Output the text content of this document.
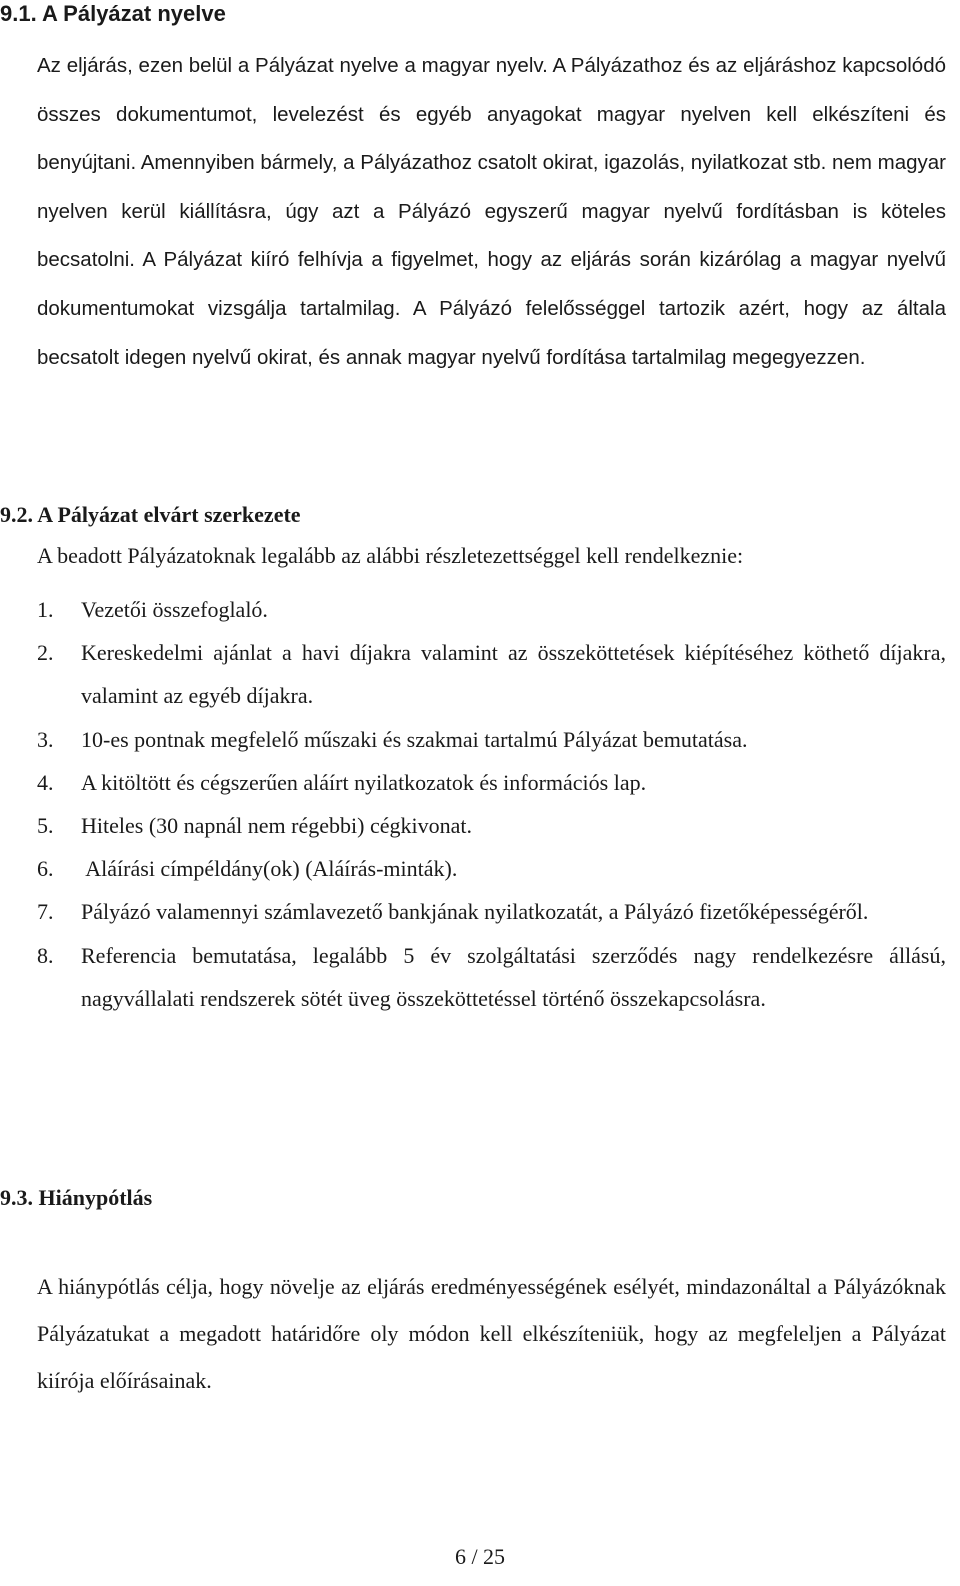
9.1. A Pályázat nyelve

Az eljárás, ezen belül a Pályázat nyelve a magyar nyelv. A Pályázathoz és az eljáráshoz kapcsolódó összes dokumentumot, levelezést és egyéb anyagokat magyar nyelven kell elkészíteni és benyújtani. Amennyiben bármely, a Pályázathoz csatolt okirat, igazolás, nyilatkozat stb. nem magyar nyelven kerül kiállításra, úgy azt a Pályázó egyszerű magyar nyelvű fordításban is köteles becsatolni. A Pályázat kiíró felhívja a figyelmet, hogy az eljárás során kizárólag a magyar nyelvű dokumentumokat vizsgálja tartalmilag. A Pályázó felelősséggel tartozik azért, hogy az általa becsatolt idegen nyelvű okirat, és annak magyar nyelvű fordítása tartalmilag megegyezzen.

9.2. A Pályázat elvárt szerkezete

A beadott Pályázatoknak legalább az alábbi részletezettséggel kell rendelkeznie:

1. Vezetői összefoglaló.
2. Kereskedelmi ajánlat a havi díjakra valamint az összeköttetések kiépítéséhez köthető díjakra, valamint az egyéb díjakra.
3. 10-es pontnak megfelelő műszaki és szakmai tartalmú Pályázat bemutatása.
4. A kitöltött és cégszerűen aláírt nyilatkozatok és információs lap.
5. Hiteles (30 napnál nem régebbi) cégkivonat.
6. Aláírási címpéldány(ok) (Aláírás-minták).
7. Pályázó valamennyi számlavezető bankjának nyilatkozatát, a Pályázó fizetőképességéről.
8. Referencia bemutatása, legalább 5 év szolgáltatási szerződés nagy rendelkezésre állású, nagyvállalati rendszerek sötét üveg összeköttetéssel történő összekapcsolásra.
9.3. Hiánypótlás

A hiánypótlás célja, hogy növelje az eljárás eredményességének esélyét, mindazonáltal a Pályázóknak Pályázatukat a megadott határidőre oly módon kell elkészíteniük, hogy az megfeleljen a Pályázat kiírója előírásainak.

6 / 25
